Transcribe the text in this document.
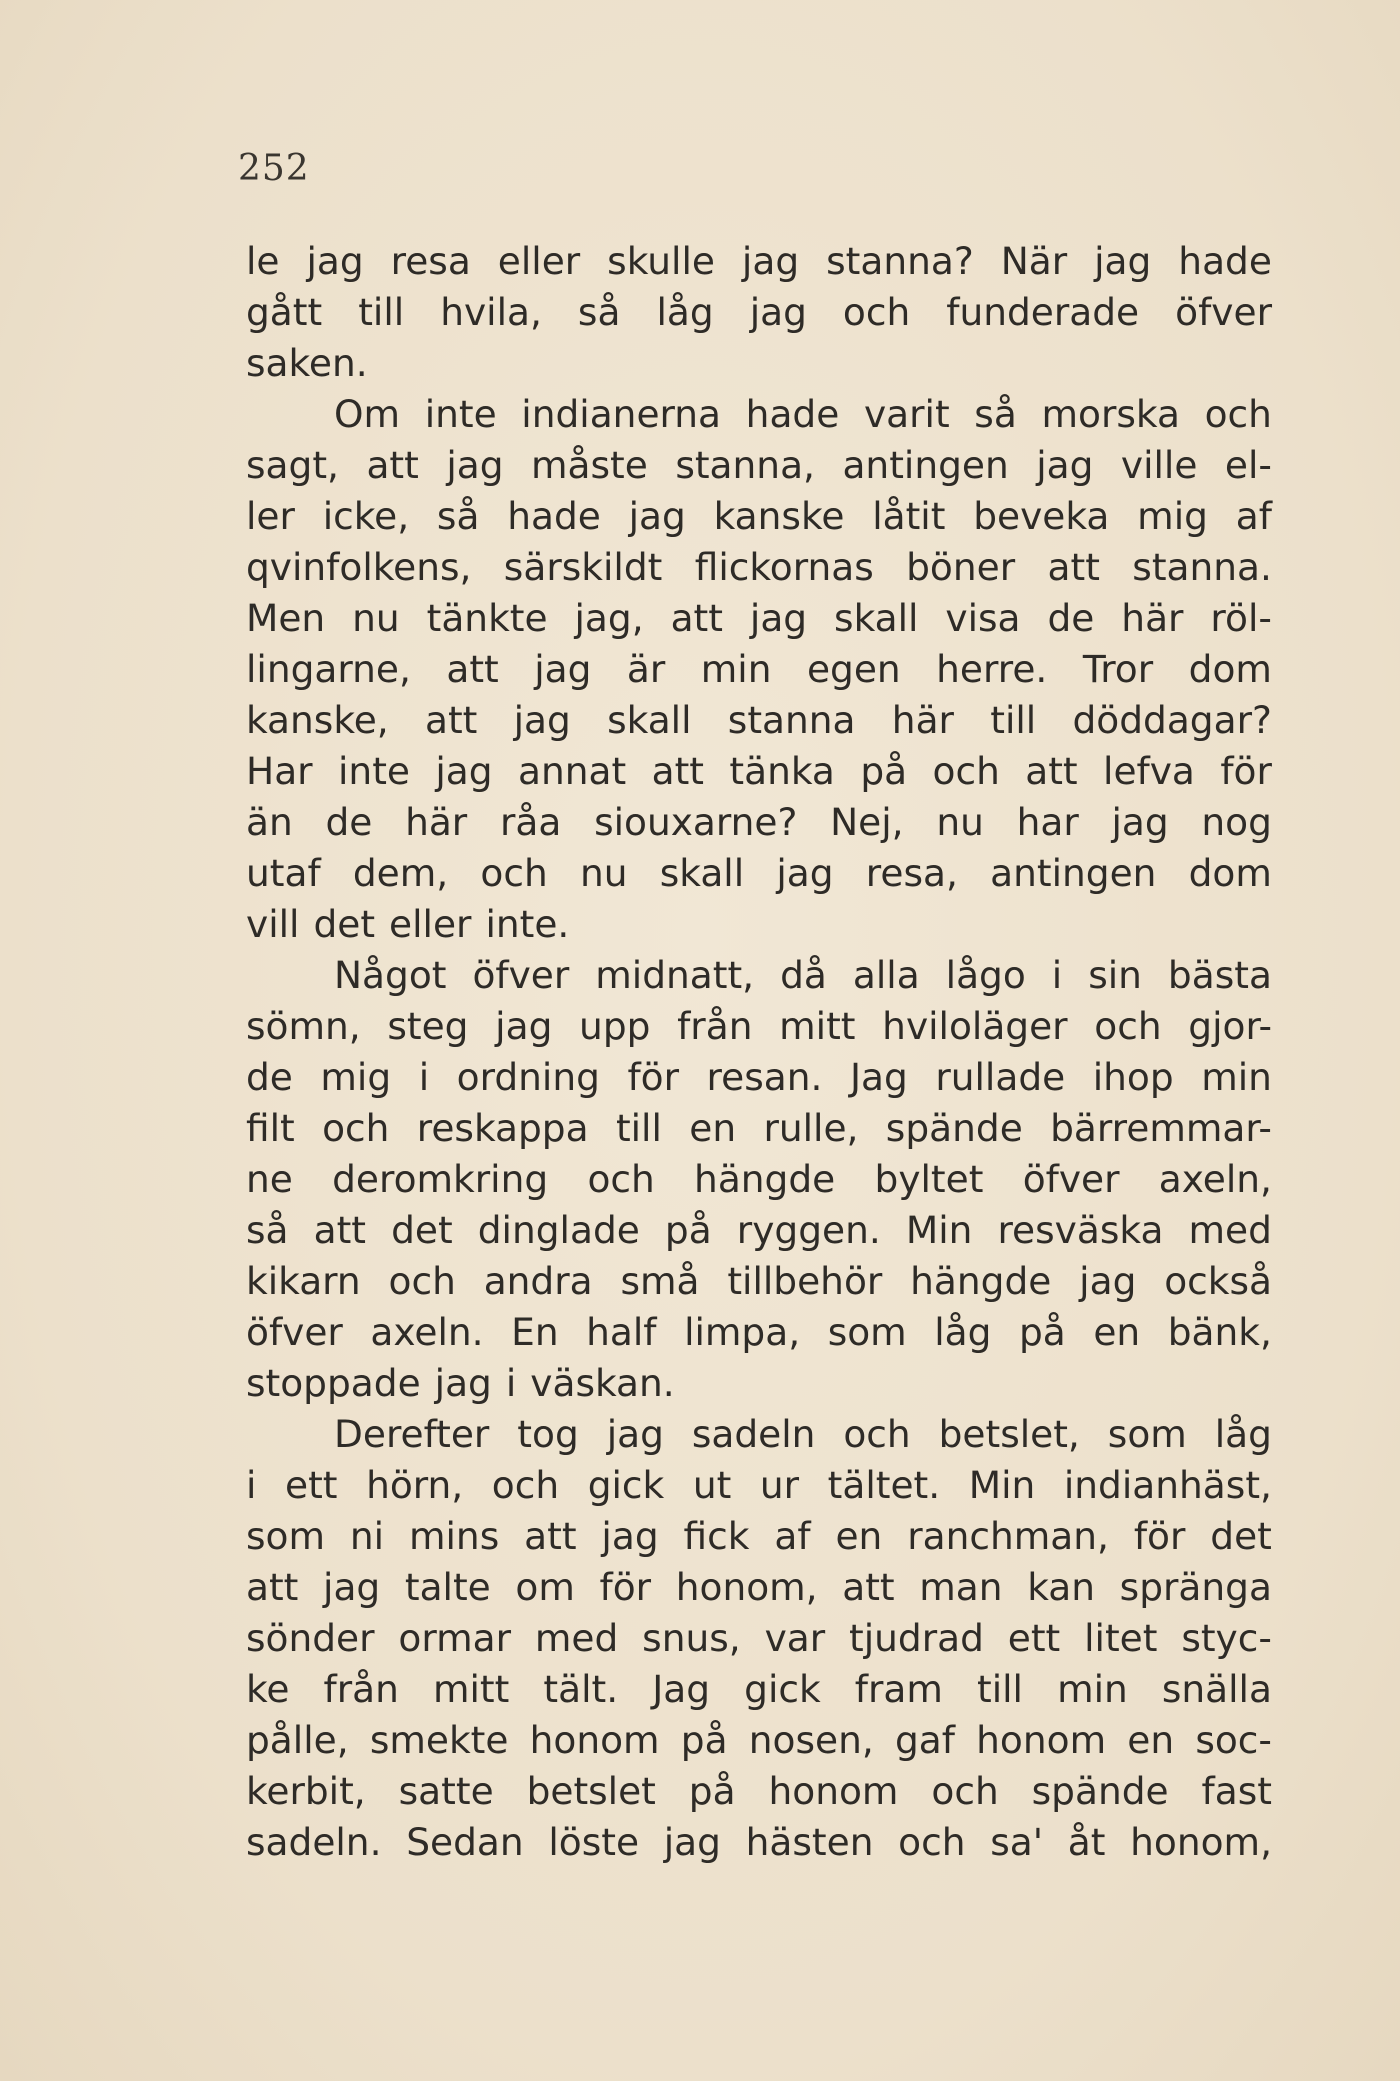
252
le jag resa eller skulle jag stanna? När jag hade
gått till hvila, så låg jag och funderade öfver
saken.
Om inte indianerna hade varit så morska och
sagt, att jag måste stanna, antingen jag ville el-
ler icke, så hade jag kanske låtit beveka mig af
qvinfolkens, särskildt flickornas böner att stanna.
Men nu tänkte jag, att jag skall visa de här röl-
lingarne, att jag är min egen herre. Tror dom
kanske, att jag skall stanna här till döddagar?
Har inte jag annat att tänka på och att lefva för
än de här råa siouxarne? Nej, nu har jag nog
utaf dem, och nu skall jag resa, antingen dom
vill det eller inte.
Något öfver midnatt, då alla lågo i sin bästa
sömn, steg jag upp från mitt hviloläger och gjor-
de mig i ordning för resan. Jag rullade ihop min
filt och reskappa till en rulle, spände bärremmar-
ne deromkring och hängde byltet öfver axeln,
så att det dinglade på ryggen. Min resväska med
kikarn och andra små tillbehör hängde jag också
öfver axeln. En half limpa, som låg på en bänk,
stoppade jag i väskan.
Derefter tog jag sadeln och betslet, som låg
i ett hörn, och gick ut ur tältet. Min indianhäst,
som ni mins att jag fick af en ranchman, för det
att jag talte om för honom, att man kan spränga
sönder ormar med snus, var tjudrad ett litet styc-
ke från mitt tält. Jag gick fram till min snälla
pålle, smekte honom på nosen, gaf honom en soc-
kerbit, satte betslet på honom och spände fast
sadeln. Sedan löste jag hästen och sa' åt honom,
